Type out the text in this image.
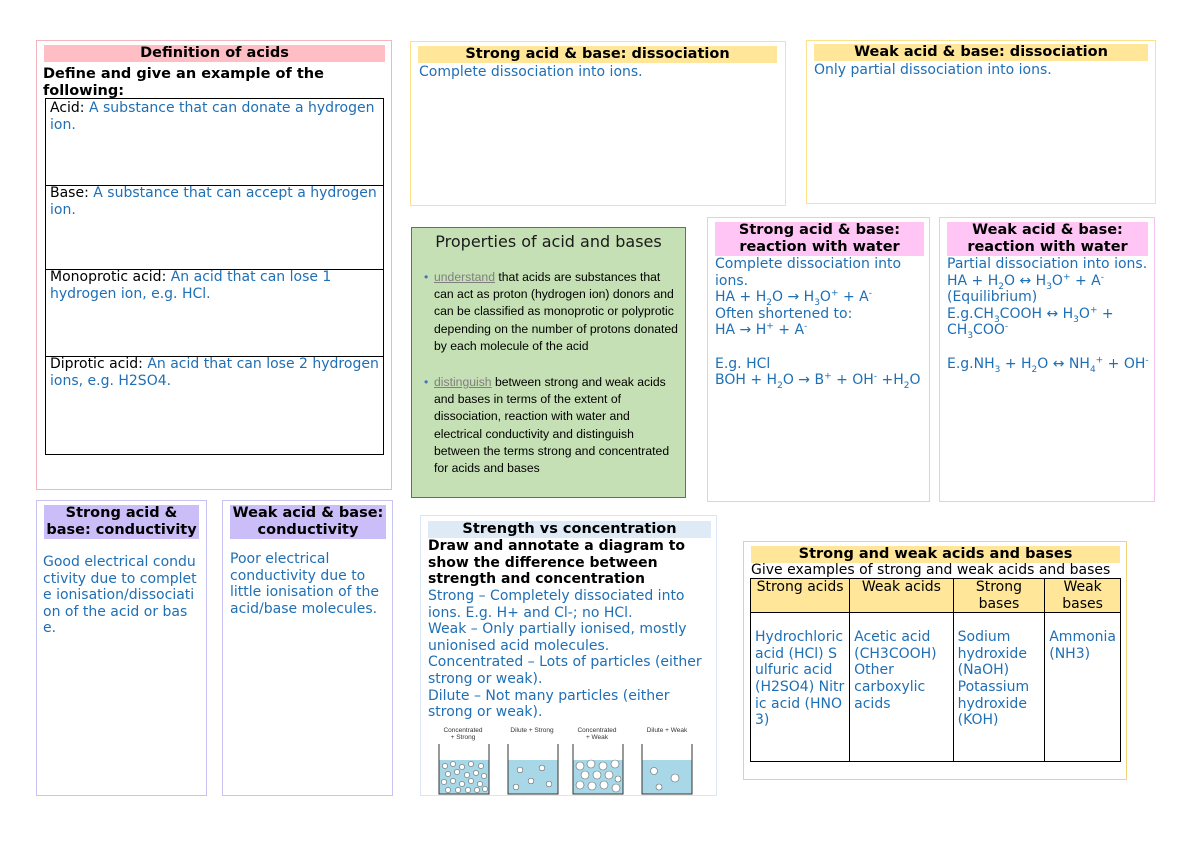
Definition of acids
Define and give an example of the following:
Acid: A substance that can donate a hydrogen ion.
Base: A substance that can accept a hydrogen ion.
Monoprotic acid: An acid that can lose 1 hydrogen ion, e.g. HCl.
Diprotic acid: An acid that can lose 2 hydrogen ions, e.g. H2SO4.
Strong acid & base: dissociation
Complete dissociation into ions.
Weak acid & base: dissociation
Only partial dissociation into ions.
Properties of acid and bases
• understand that acids are substances that can act as proton (hydrogen ion) donors and can be classified as monoprotic or polyprotic depending on the number of protons donated by each molecule of the acid
• distinguish between strong and weak acids and bases in terms of the extent of dissociation, reaction with water and electrical conductivity and distinguish between the terms strong and concentrated for acids and bases
Strong acid & base:
reaction with water
Complete dissociation into ions.
HA + $H_2O \to H_3O^+ + A^-$
Often shortened to:
HA → H+ + A-
E.g. HCl
BOH + $H_2O \to B^+ + OH^- +H_2O$
Weak acid & base:
reaction with water
Partial dissociation into ions.
HA + $H_2O$ ↔ $H_3O^+ + A^-$
(Equilibrium)
$E.g.CH_3COOH$ ↔ $H_3O^+ + CH_3COO^-$
$E.g.NH_3 + H_2O$ ↔ $NH_4^+ + OH^-$
Strong acid & base: conductivity
Good electrical conductivity due to complete ionisation/dissociation of the acid or base.
Weak acid & base: conductivity
Poor electrical conductivity due to little ionisation of the acid/base molecules.
Strength vs concentration
Draw and annotate a diagram to show the difference between strength and concentration
Strong – Completely dissociated into ions. E.g. H+ and Cl-; no HCl.
Weak – Only partially ionised, mostly unionised acid molecules.
Concentrated – Lots of particles (either strong or weak).
Dilute – Not many particles (either strong or weak).
Concentrated
+ Strong
Dilute + Strong	Concentrated
+ Weak
Dilute + Weak
Strong and weak acids and bases
Give examples of strong and weak acids and bases
Strong acids	Weak acids	Strong bases	Weak bases
Hydrochloric acid (HCl) Sulfuric acid (H2SO4) Nitric acid (HNO3)	Acetic acid (CH3COOH) Other carboxylic acids	Sodium hydroxide (NaOH) Potassium hydroxide (KOH)	Ammonia (NH3)
